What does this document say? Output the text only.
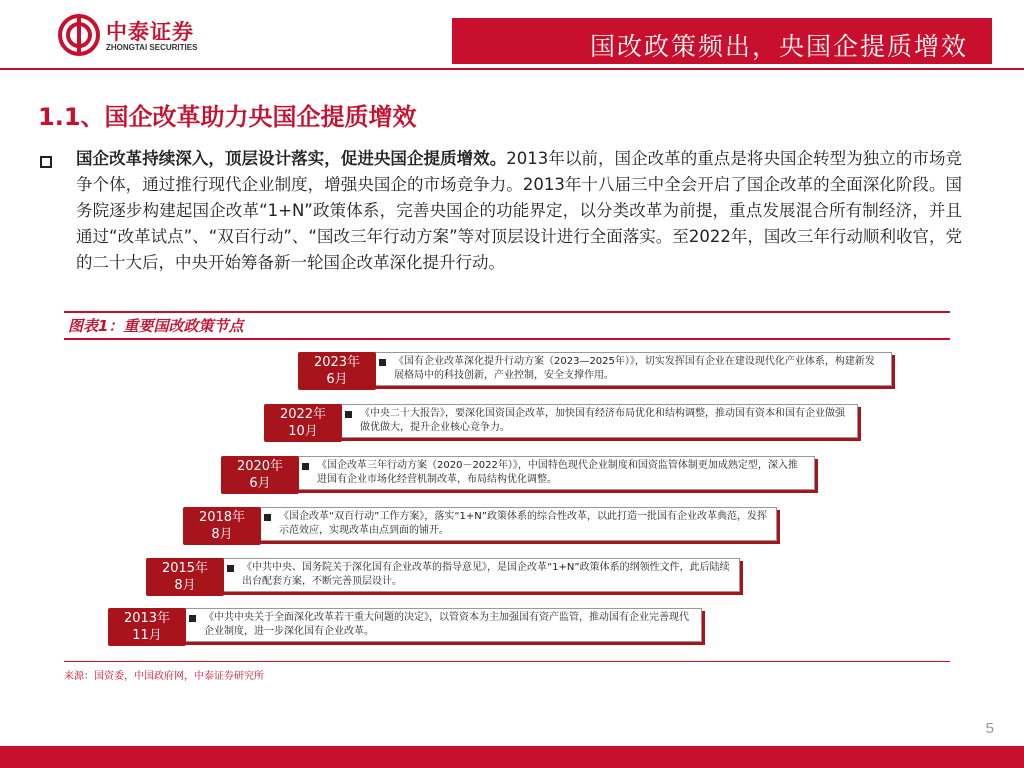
中泰证券
ZHONGTAI SECURITIES	国改政策频出，央国企提质增效
1.1、国企改革助力央国企提质增效
国企改革持续深入，顶层设计落实，促进央国企提质增效。2013年以前，国企改革的重点是将央国企转型为独立的市场竞争个体，通过推行现代企业制度，增强央国企的市场竞争力。2013年十八届三中全会开启了国企改革的全面深化阶段。国务院逐步构建起国企改革“1+N”政策体系，完善央国企的功能界定，以分类改革为前提，重点发展混合所有制经济，并且通过“改革试点”、“双百行动”、“国改三年行动方案”等对顶层设计进行全面落实。至2022年，国改三年行动顺利收官，党的二十大后，中央开始筹备新一轮国企改革深化提升行动。
图表1：重要国改政策节点
2023年
6月
《国有企业改革深化提升行动方案（2023—2025年）》，切实发挥国有企业在建设现代化产业体系，构建新发展格局中的科技创新，产业控制，安全支撑作用。
2022年
10月
《中央二十大报告》，要深化国资国企改革，加快国有经济布局优化和结构调整，推动国有资本和国有企业做强做优做大，提升企业核心竞争力。
2020年
6月
《国企改革三年行动方案（2020－2022年）》，中国特色现代企业制度和国资监管体制更加成熟定型，深入推进国有企业市场化经营机制改革，布局结构优化调整。
2018年
8月
《国企改革“双百行动”工作方案》，落实“1+N”政策体系的综合性改革，以此打造一批国有企业改革典范，发挥示范效应，实现改革由点到面的铺开。
2015年
8月
《中共中央、国务院关于深化国有企业改革的指导意见》，是国企改革“1+N”政策体系的纲领性文件，此后陆续出台配套方案，不断完善顶层设计。
2013年
11月
《中共中央关于全面深化改革若干重大问题的决定》，以管资本为主加强国有资产监管，推动国有企业完善现代企业制度，进一步深化国有企业改革。
来源：国资委，中国政府网，中泰证券研究所
5
